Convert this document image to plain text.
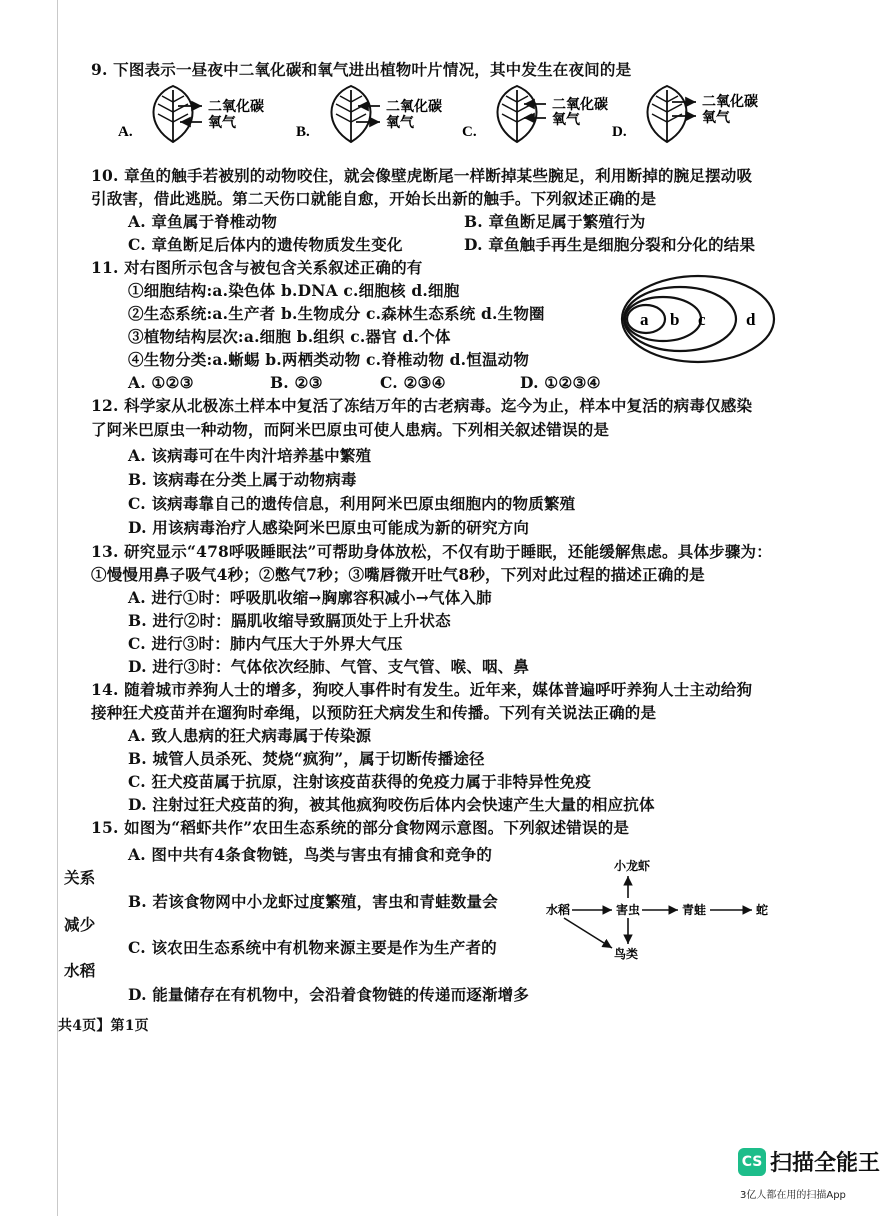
9. 下图表示一昼夜中二氧化碳和氧气进出植物叶片情况，其中发生在夜间的是
A.
二氧化碳
氧气
B.
二氧化碳
氧气
C.
二氧化碳
氧气
D.
二氧化碳
氧气
10. 章鱼的触手若被别的动物咬住，就会像壁虎断尾一样断掉某些腕足，利用断掉的腕足摆动吸
引敌害，借此逃脱。第二天伤口就能自愈，开始长出新的触手。下列叙述正确的是
A. 章鱼属于脊椎动物	B. 章鱼断足属于繁殖行为
C. 章鱼断足后体内的遗传物质发生变化	D. 章鱼触手再生是细胞分裂和分化的结果
11. 对右图所示包含与被包含关系叙述正确的有
①细胞结构:a.染色体 b.DNA c.细胞核 d.细胞
②生态系统:a.生产者 b.生物成分 c.森林生态系统 d.生物圈
③植物结构层次:a.细胞 b.组织 c.器官 d.个体
④生物分类:a.蜥蜴 b.两栖类动物 c.脊椎动物 d.恒温动物
A. ①②③	B. ②③	C. ②③④	D. ①②③④
a b c d
12. 科学家从北极冻土样本中复活了冻结万年的古老病毒。迄今为止，样本中复活的病毒仅感染
了阿米巴原虫一种动物，而阿米巴原虫可使人患病。下列相关叙述错误的是
A. 该病毒可在牛肉汁培养基中繁殖
B. 该病毒在分类上属于动物病毒
C. 该病毒靠自己的遗传信息，利用阿米巴原虫细胞内的物质繁殖
D. 用该病毒治疗人感染阿米巴原虫可能成为新的研究方向
13. 研究显示“478呼吸睡眠法”可帮助身体放松，不仅有助于睡眠，还能缓解焦虑。具体步骤为：
①慢慢用鼻子吸气4秒；②憋气7秒；③嘴唇微开吐气8秒，下列对此过程的描述正确的是
A. 进行①时：呼吸肌收缩→胸廓容积减小→气体入肺
B. 进行②时：膈肌收缩导致膈顶处于上升状态
C. 进行③时：肺内气压大于外界大气压
D. 进行③时：气体依次经肺、气管、支气管、喉、咽、鼻
14. 随着城市养狗人士的增多，狗咬人事件时有发生。近年来，媒体普遍呼吁养狗人士主动给狗
接种狂犬疫苗并在遛狗时牵绳，以预防狂犬病发生和传播。下列有关说法正确的是
A. 致人患病的狂犬病毒属于传染源
B. 城管人员杀死、焚烧“疯狗”，属于切断传播途径
C. 狂犬疫苗属于抗原，注射该疫苗获得的免疫力属于非特异性免疫
D. 注射过狂犬疫苗的狗，被其他疯狗咬伤后体内会快速产生大量的相应抗体
15. 如图为“稻虾共作”农田生态系统的部分食物网示意图。下列叙述错误的是
A. 图中共有4条食物链，鸟类与害虫有捕食和竞争的
关系
B. 若该食物网中小龙虾过度繁殖，害虫和青蛙数量会
减少
C. 该农田生态系统中有机物来源主要是作为生产者的
水稻
D. 能量储存在有机物中，会沿着食物链的传递而逐渐增多
小龙虾
水稻	害虫	青蛙	蛇
鸟类
共4页】第1页
CS 扫描全能王
3亿人都在用的扫描App
